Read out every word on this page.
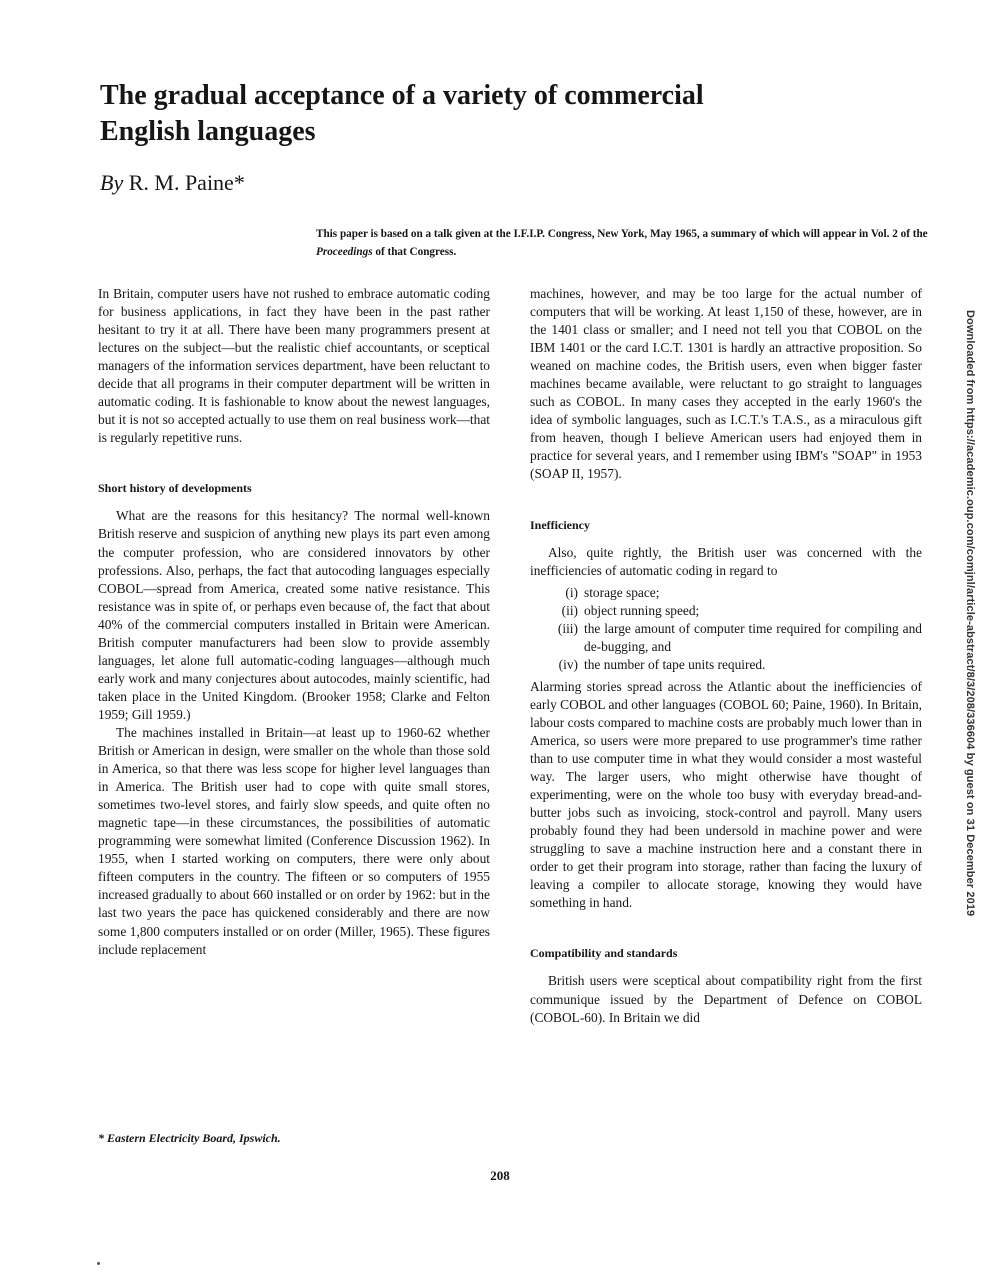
The gradual acceptance of a variety of commercial English languages
By R. M. Paine*

This paper is based on a talk given at the I.F.I.P. Congress, New York, May 1965, a summary of which will appear in Vol. 2 of the Proceedings of that Congress.

In Britain, computer users have not rushed to embrace automatic coding for business applications, in fact they have been in the past rather hesitant to try it at all. There have been many programmers present at lectures on the subject—but the realistic chief accountants, or sceptical managers of the information services department, have been reluctant to decide that all programs in their computer department will be written in automatic coding. It is fashionable to know about the newest languages, but it is not so accepted actually to use them on real business work—that is regularly repetitive runs.

Short history of developments

What are the reasons for this hesitancy? The normal well-known British reserve and suspicion of anything new plays its part even among the computer profession, who are considered innovators by other professions. Also, perhaps, the fact that autocoding languages especially COBOL—spread from America, created some native resistance. This resistance was in spite of, or perhaps even because of, the fact that about 40% of the commercial computers installed in Britain were American. British computer manufacturers had been slow to provide assembly languages, let alone full automatic-coding languages—although much early work and many conjectures about autocodes, mainly scientific, had taken place in the United Kingdom. (Brooker 1958; Clarke and Felton 1959; Gill 1959.)

The machines installed in Britain—at least up to 1960-62 whether British or American in design, were smaller on the whole than those sold in America, so that there was less scope for higher level languages than in America. The British user had to cope with quite small stores, sometimes two-level stores, and fairly slow speeds, and quite often no magnetic tape—in these circumstances, the possibilities of automatic programming were somewhat limited (Conference Discussion 1962). In 1955, when I started working on computers, there were only about fifteen computers in the country. The fifteen or so computers of 1955 increased gradually to about 660 installed or on order by 1962: but in the last two years the pace has quickened considerably and there are now some 1,800 computers installed or on order (Miller, 1965). These figures include replacement

machines, however, and may be too large for the actual number of computers that will be working. At least 1,150 of these, however, are in the 1401 class or smaller; and I need not tell you that COBOL on the IBM 1401 or the card I.C.T. 1301 is hardly an attractive proposition. So weaned on machine codes, the British users, even when bigger faster machines became available, were reluctant to go straight to languages such as COBOL. In many cases they accepted in the early 1960's the idea of symbolic languages, such as I.C.T.'s T.A.S., as a miraculous gift from heaven, though I believe American users had enjoyed them in practice for several years, and I remember using IBM's "SOAP" in 1953 (SOAP II, 1957).

Inefficiency

Also, quite rightly, the British user was concerned with the inefficiencies of automatic coding in regard to

(i) storage space;
(ii) object running speed;
(iii) the large amount of computer time required for compiling and de-bugging, and
(iv) the number of tape units required.

Alarming stories spread across the Atlantic about the inefficiencies of early COBOL and other languages (COBOL 60; Paine, 1960). In Britain, labour costs compared to machine costs are probably much lower than in America, so users were more prepared to use programmer's time rather than to use computer time in what they would consider a most wasteful way. The larger users, who might otherwise have thought of experimenting, were on the whole too busy with everyday bread-and-butter jobs such as invoicing, stock-control and payroll. Many users probably found they had been undersold in machine power and were struggling to save a machine instruction here and a constant there in order to get their program into storage, rather than facing the luxury of leaving a compiler to allocate storage, knowing they would have something in hand.

Compatibility and standards

British users were sceptical about compatibility right from the first communique issued by the Department of Defence on COBOL (COBOL-60). In Britain we did

* Eastern Electricity Board, Ipswich.
208
Downloaded from https://academic.oup.com/comjnl/article-abstract/8/3/208/336604 by guest on 31 December 2019
